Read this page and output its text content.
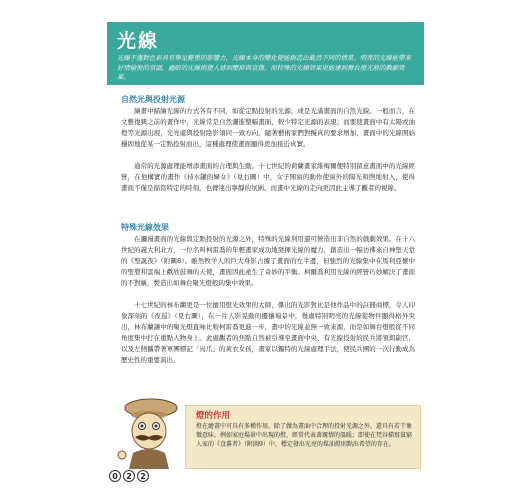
光線
光線不僅對色彩具有舉足輕重的影響力，光線本身的變化便能創造出截然不同的情景。明亮的光線能帶來好情愉悅的氛圍，幽暗的光線則使人感到壓抑與哀傷。而特殊的光線效果更能達到舞台燈光般的戲劇效果。
自然光與投射光源

繪畫中描繪光線的方式各有不同，如從定點投射的光源，或是光滿畫面的自然光線。一般而言，在文藝復興之前的畫作中，光線常是自然灑進整幅畫面，較少特定光源的表現；而要使畫面中有太陽或油燈等光源出現，光亮處與投射陰影須同一致方向。隨著藝術家們對擬真的要求增加，畫面中的光線開始穩固地從某一定點投射而出，這種處理使畫面顯得更加接近真實。

通常的光源處理能增添畫面的合理與生動。十七世紀的荷蘭畫家維梅爾便特別留意畫面中的光線經營，在他構實的畫作《持水罐的婦女》（見右圖）中，女子開窗的動作使窗外的陽光和煦地射入，使得畫面不僅是描寫特定的時刻，也傳達出寧靜的氛圍。而畫中光線的走向更因此主導了觀者的視線。

特殊光線效果

在瀰漫畫面的光線與定點投射的光源之外，特殊的光線利用還可營造出非自然的戲劇效果。在十六世紀的義大利北方，一位名叫柯雷喬的年輕畫家成功地發揮光線的魔力，創造出一幅彷彿來自神聖天堂的《聖誕夜》（附圖8）。雖然牧羊人的巨大身影占據了畫面的左半邊，但強烈的光線集中在馬利亞懷中的聖嬰和雲端上歡欣鼓舞的天使，畫面因此產生了奇妙的平衡。柯爾喬利用光線的經營巧妙解決了畫面的不對稱，製造出如舞台聚光燈般的集中效果。

十七世紀的林布蘭更是一位擅用燈光效果的大師，傑出的光影對比是他作品中的註冊商標，令人印象深刻的《夜巡》（見右圖），在一片人影晃動的擾攘場景中，幾處特別明亮的光線從物件顯得格外突出，林布蘭讓中的聚光燈直味比較柯雷喬更進一步，畫中的光線並無一致來源，而是如舞台燈般從不同角度集中打在重點人物身上。此處觀者的焦點自然被引導至畫面中央、有光線投射的民兵將領與副官，以及左側攜帶著軍團標記「鳥爪」的黃衣女孩，畫家以獨特的光線處理手法，使民兵團的一次行動成為歷史性的重要演出。

燈的作用

燈在繪畫中可具有多種作用。除了做為畫面中合理的投射光源之外，還具有若干象徵意味。例如家庭場景中出現的燈，經常代表著親情的溫暖；即使在梵谷描寫貧窮人家的《食薯者》（附圖9）中，穩定發出光亮的煤油燈則點出希望的存在。

0	2	2
